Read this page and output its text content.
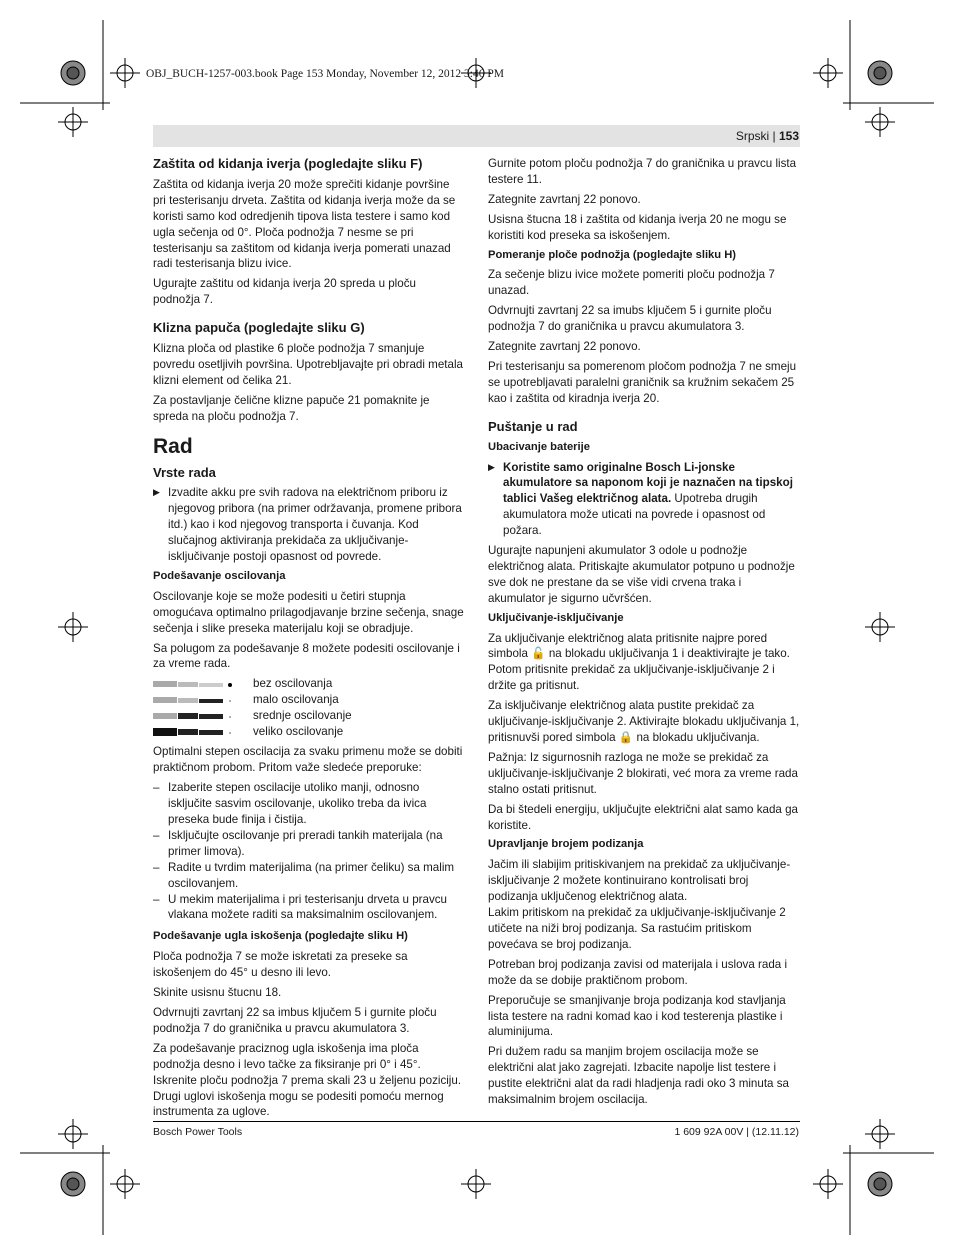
OBJ_BUCH-1257-003.book Page 153 Monday, November 12, 2012 3:46 PM
Srpski | 153
Zaštita od kidanja iverja (pogledajte sliku F)

Zaštita od kidanja iverja 20 može sprečiti kidanje površine pri testerisanju drveta. Zaštita od kidanja iverja može da se koristi samo kod odredjenih tipova lista testere i samo kod ugla sečenja od 0°. Ploča podnožja 7 nesme se pri testerisanju sa zaštitom od kidanja iverja pomerati unazad radi testerisanja blizu ivice.

Ugurajte zaštitu od kidanja iverja 20 spreda u ploču podnožja 7.

Klizna papuča (pogledajte sliku G)

Klizna ploča od plastike 6 ploče podnožja 7 smanjuje povredu osetljivih površina. Upotrebljavajte pri obradi metala klizni element od čelika 21.

Za postavljanje čelične klizne papuče 21 pomaknite je spreda na ploču podnožja 7.

Rad
Vrste rada
▶ Izvadite akku pre svih radova na električnom priboru iz njegovog pribora (na primer održavanja, promene pribora itd.) kao i kod njegovog transporta i čuvanja. Kod slučajnog aktiviranja prekidača za uključivanje-isključivanje postoji opasnost od povrede.
Podešavanje oscilovanja

Oscilovanje koje se može podesiti u četiri stupnja omogućava optimalno prilagodjavanje brzine sečenja, snage sečenja i slike preseka materijalu koji se obradjuje.

Sa polugom za podešavanje 8 možete podesiti oscilovanje i za vreme rada.

bez oscilovanja
malo oscilovanja
srednje oscilovanje
veliko oscilovanje

Optimalni stepen oscilacija za svaku primenu može se dobiti praktičnom probom. Pritom važe sledeće preporuke:

– Izaberite stepen oscilacije utoliko manji, odnosno isključite sasvim oscilovanje, ukoliko treba da ivica preseka bude finija i čistija.
– Isključujte oscilovanje pri preradi tankih materijala (na primer limova).
– Radite u tvrdim materijalima (na primer čeliku) sa malim oscilovanjem.
– U mekim materijalima i pri testerisanju drveta u pravcu vlakana možete raditi sa maksimalnim oscilovanjem.
Podešavanje ugla iskošenja (pogledajte sliku H)

Ploča podnožja 7 se može iskretati za preseke sa iskošenjem do 45° u desno ili levo.

Skinite usisnu štucnu 18.

Odvrnujti zavrtanj 22 sa imbus ključem 5 i gurnite ploču podnožja 7 do graničnika u pravcu akumulatora 3.

Za podešavanje praciznog ugla iskošenja ima ploča podnožja desno i levo tačke za fiksiranje pri 0° i 45°. Iskrenite ploču podnožja 7 prema skali 23 u željenu poziciju. Drugi uglovi iskošenja mogu se podesiti pomoću mernog instrumenta za uglove.

Gurnite potom ploču podnožja 7 do graničnika u pravcu lista testere 11.

Zategnite zavrtanj 22 ponovo.

Usisna štucna 18 i zaštita od kidanja iverja 20 ne mogu se koristiti kod preseka sa iskošenjem.

Pomeranje ploče podnožja (pogledajte sliku H)

Za sečenje blizu ivice možete pomeriti ploču podnožja 7 unazad.

Odvrnujti zavrtanj 22 sa imubs ključem 5 i gurnite ploču podnožja 7 do graničnika u pravcu akumulatora 3.

Zategnite zavrtanj 22 ponovo.

Pri testerisanju sa pomerenom pločom podnožja 7 ne smeju se upotrebljavati paralelni graničnik sa kružnim sekačem 25 kao i zaštita od kiradnja iverja 20.

Puštanje u rad
Ubacivanje baterije
▶ Koristite samo originalne Bosch Li-jonske akumulatore sa naponom koji je naznačen na tipskoj tablici Vašeg električnog alata. Upotreba drugih akumulatora može uticati na povrede i opasnost od požara.

Ugurajte napunjeni akumulator 3 odole u podnožje električnog alata. Pritiskajte akumulator potpuno u podnožje sve dok ne prestane da se više vidi crvena traka i akumulator je sigurno učvršćen.

Uključivanje-isključivanje

Za uključivanje električnog alata pritisnite najpre pored simbola 🔓 na blokadu uključivanja 1 i deaktivirajte je tako. Potom pritisnite prekidač za uključivanje-isključivanje 2 i držite ga pritisnut.

Za isključivanje električnog alata pustite prekidač za uključivanje-isključivanje 2. Aktivirajte blokadu uključivanja 1, pritisnuvši pored simbola 🔒 na blokadu uključivanja.

Pažnja: Iz sigurnosnih razloga ne može se prekidač za uključivanje-isključivanje 2 blokirati, već mora za vreme rada stalno ostati pritisnut.

Da bi štedeli energiju, uključujte električni alat samo kada ga koristite.

Upravljanje brojem podizanja

Jačim ili slabijim pritiskivanjem na prekidač za uključivanje-isključivanje 2 možete kontinuirano kontrolisati broj podizanja uključenog električnog alata.

Lakim pritiskom na prekidač za uključivanje-isključivanje 2 utičete na niži broj podizanja. Sa rastućim pritiskom povećava se broj podizanja.

Potreban broj podizanja zavisi od materijala i uslova rada i može da se dobije praktičnom probom.

Preporučuje se smanjivanje broja podizanja kod stavljanja lista testere na radni komad kao i kod testerenja plastike i aluminijuma.

Pri dužem radu sa manjim brojem oscilacija može se električni alat jako zagrejati. Izbacite napolje list testere i pustite električni alat da radi hladjenja radi oko 3 minuta sa maksimalnim brojem oscilacija.

Bosch Power Tools	1 609 92A 00V | (12.11.12)
